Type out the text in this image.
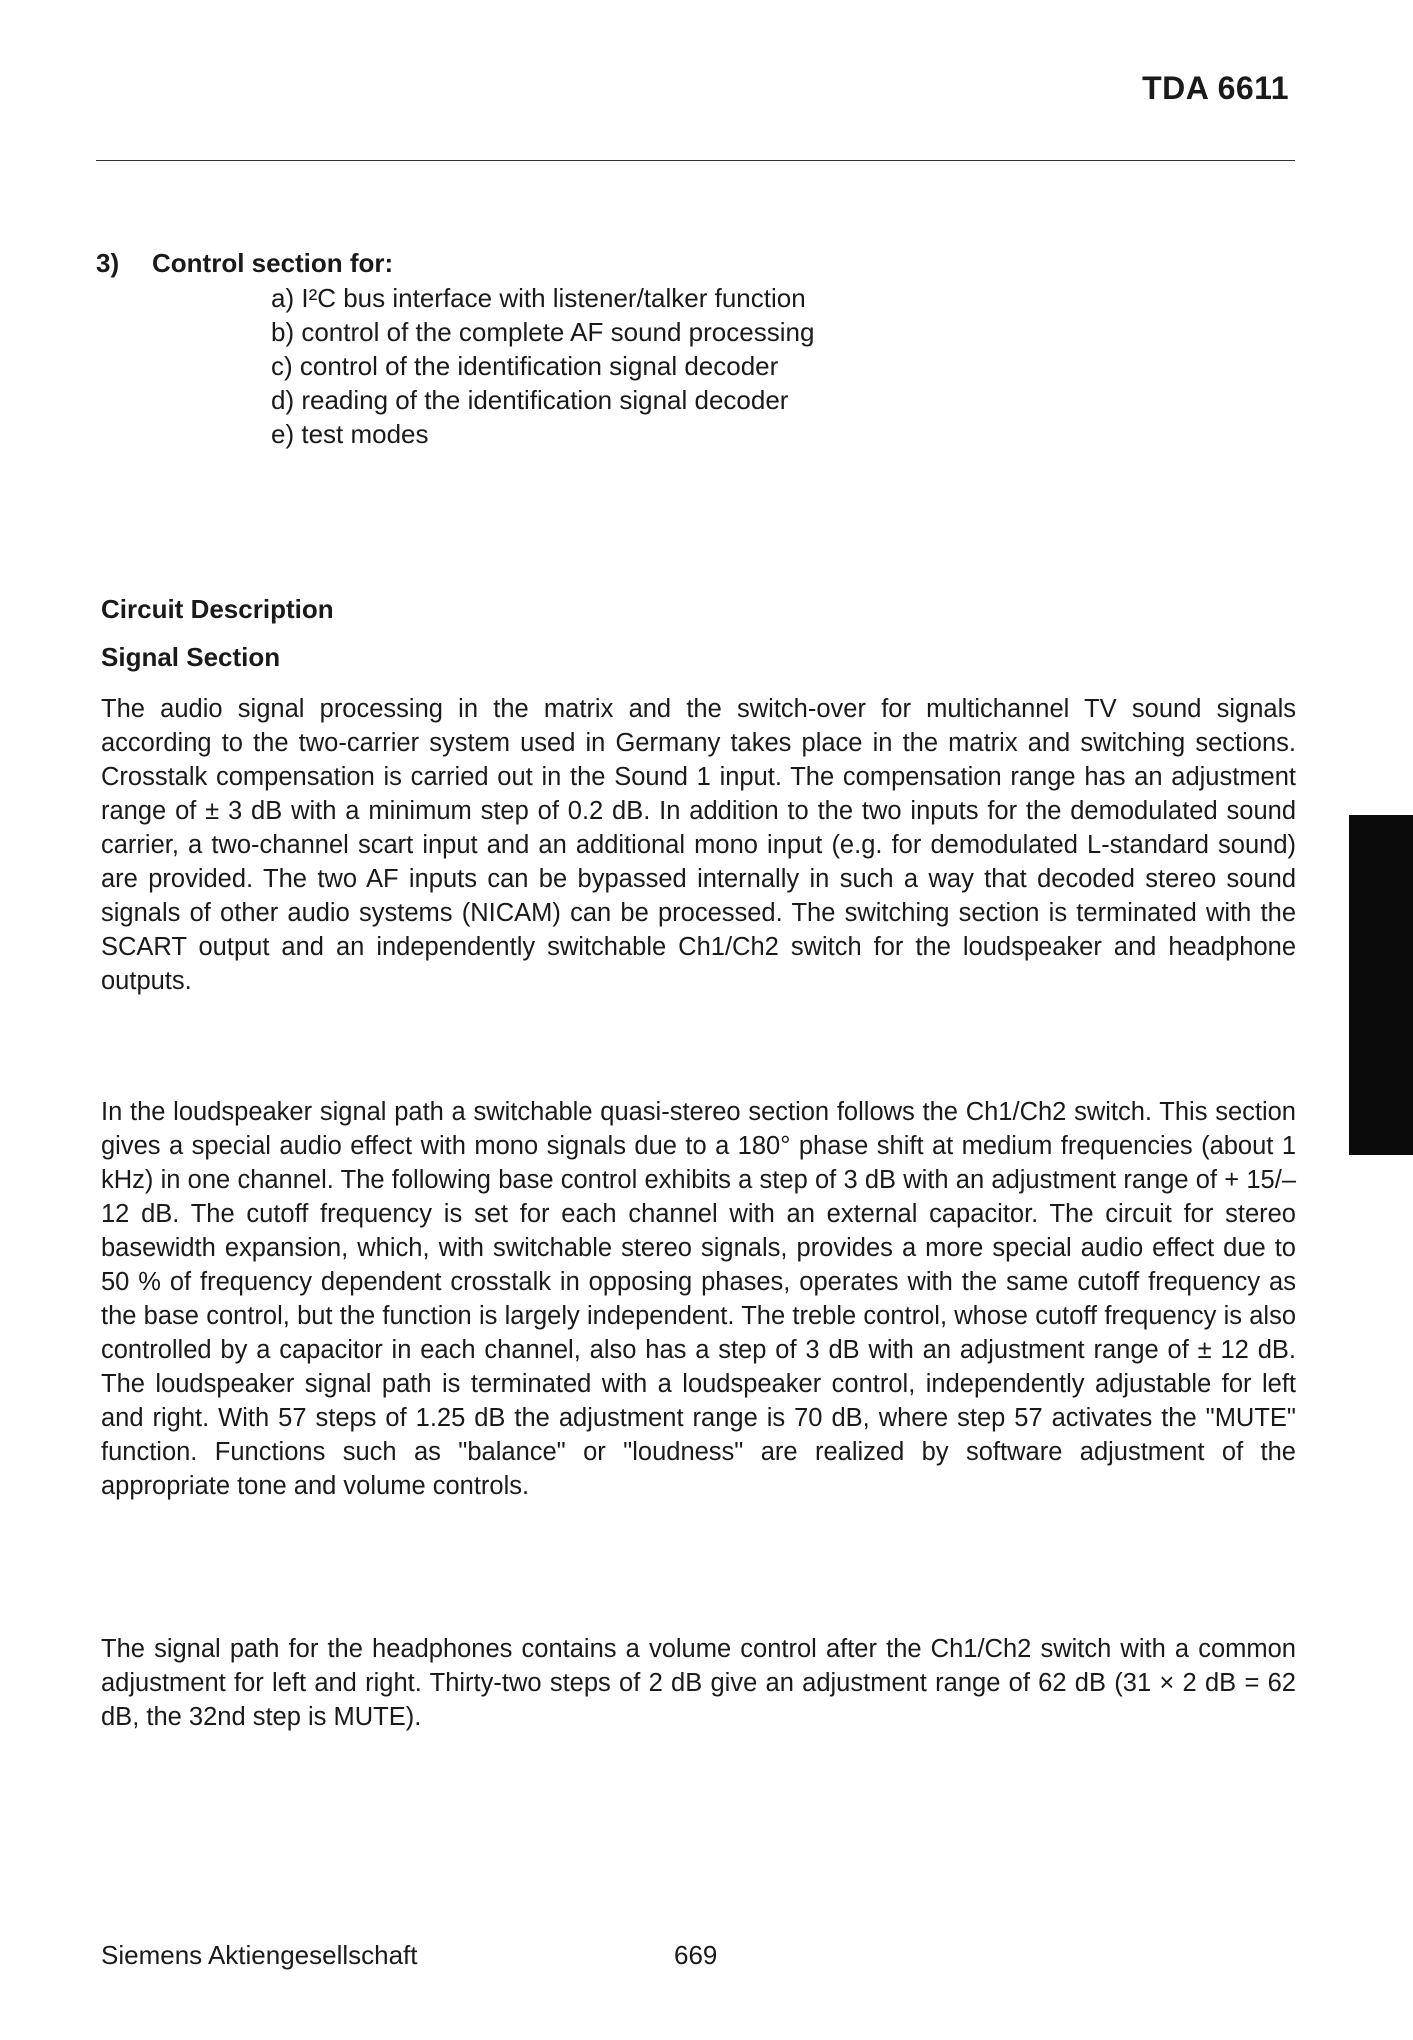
TDA 6611
3) Control section for:
a) I²C bus interface with listener/talker function
b) control of the complete AF sound processing
c) control of the identification signal decoder
d) reading of the identification signal decoder
e) test modes
Circuit Description
Signal Section

The audio signal processing in the matrix and the switch-over for multichannel TV sound signals according to the two-carrier system used in Germany takes place in the matrix and switching sections. Crosstalk compensation is carried out in the Sound 1 input. The compensation range has an adjustment range of ± 3 dB with a minimum step of 0.2 dB. In addition to the two inputs for the demodulated sound carrier, a two-channel scart input and an additional mono input (e.g. for demodulated L-standard sound) are provided. The two AF inputs can be bypassed internally in such a way that decoded stereo sound signals of other audio systems (NICAM) can be processed. The switching section is terminated with the SCART output and an independently switchable Ch1/Ch2 switch for the loudspeaker and headphone outputs.

In the loudspeaker signal path a switchable quasi-stereo section follows the Ch1/Ch2 switch. This section gives a special audio effect with mono signals due to a 180° phase shift at medium frequencies (about 1 kHz) in one channel. The following base control exhibits a step of 3 dB with an adjustment range of + 15/– 12 dB. The cutoff frequency is set for each channel with an external capacitor. The circuit for stereo basewidth expansion, which, with switchable stereo signals, provides a more special audio effect due to 50 % of frequency dependent crosstalk in opposing phases, operates with the same cutoff frequency as the base control, but the function is largely independent. The treble control, whose cutoff frequency is also controlled by a capacitor in each channel, also has a step of 3 dB with an adjustment range of ± 12 dB. The loudspeaker signal path is terminated with a loudspeaker control, independently adjustable for left and right. With 57 steps of 1.25 dB the adjustment range is 70 dB, where step 57 activates the "MUTE" function. Functions such as "balance" or "loudness" are realized by software adjustment of the appropriate tone and volume controls.

The signal path for the headphones contains a volume control after the Ch1/Ch2 switch with a common adjustment for left and right. Thirty-two steps of 2 dB give an adjustment range of 62 dB (31 × 2 dB = 62 dB, the 32nd step is MUTE).

Siemens Aktiengesellschaft	669
